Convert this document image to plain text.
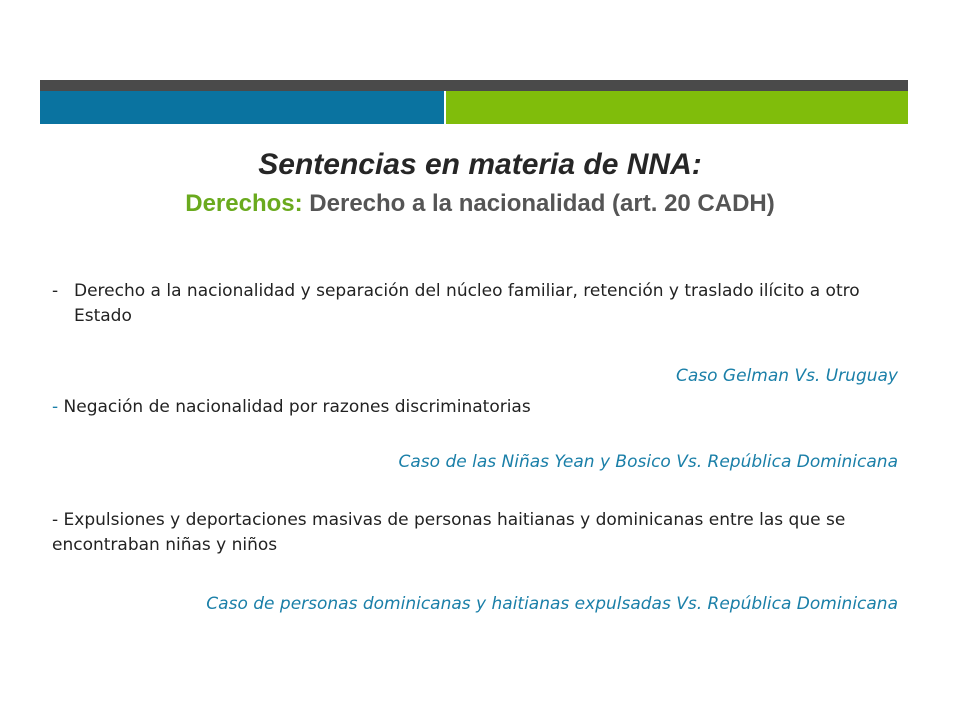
Sentencias en materia de NNA:
Derechos: Derecho a la nacionalidad (art. 20 CADH)
- Derecho a la nacionalidad y separación del núcleo familiar, retención y traslado ilícito a otro Estado
Caso Gelman Vs. Uruguay
- Negación de nacionalidad por razones discriminatorias
Caso de las Niñas Yean y Bosico Vs. República Dominicana
- Expulsiones y deportaciones masivas de personas haitianas y dominicanas entre las que se encontraban niñas y niños
Caso de personas dominicanas y haitianas expulsadas Vs. República Dominicana
